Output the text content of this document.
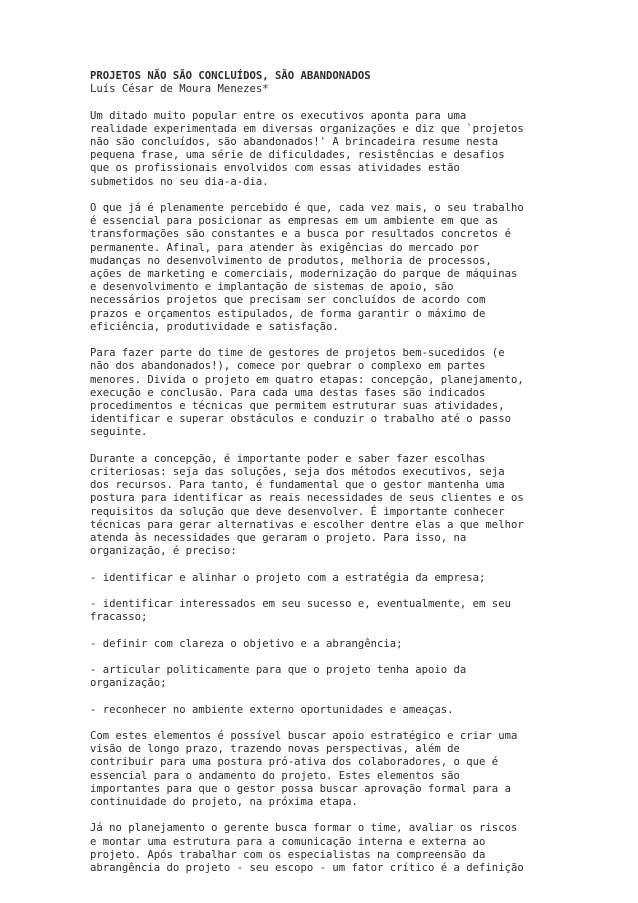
PROJETOS NÃO SÃO CONCLUÍDOS, SÃO ABANDONADOS
Luís César de Moura Menezes*
Um ditado muito popular entre os executivos aponta para uma
realidade experimentada em diversas organizações e diz que `projetos
não são concluídos, são abandonados!' A brincadeira resume nesta
pequena frase, uma série de dificuldades, resistências e desafios
que os profissionais envolvidos com essas atividades estão
submetidos no seu dia-a-dia.
O que já é plenamente percebido é que, cada vez mais, o seu trabalho
é essencial para posicionar as empresas em um ambiente em que as
transformações são constantes e a busca por resultados concretos é
permanente. Afinal, para atender às exigências do mercado por
mudanças no desenvolvimento de produtos, melhoria de processos,
ações de marketing e comerciais, modernização do parque de máquinas
e desenvolvimento e implantação de sistemas de apoio, são
necessários projetos que precisam ser concluídos de acordo com
prazos e orçamentos estipulados, de forma garantir o máximo de
eficiência, produtividade e satisfação.
Para fazer parte do time de gestores de projetos bem-sucedidos (e
não dos abandonados!), comece por quebrar o complexo em partes
menores. Divida o projeto em quatro etapas: concepção, planejamento,
execução e conclusão. Para cada uma destas fases são indicados
procedimentos e técnicas que permitem estruturar suas atividades,
identificar e superar obstáculos e conduzir o trabalho até o passo
seguinte.
Durante a concepção, é importante poder e saber fazer escolhas
criteriosas: seja das soluções, seja dos métodos executivos, seja
dos recursos. Para tanto, é fundamental que o gestor mantenha uma
postura para identificar as reais necessidades de seus clientes e os
requisitos da solução que deve desenvolver. É importante conhecer
técnicas para gerar alternativas e escolher dentre elas a que melhor
atenda às necessidades que geraram o projeto. Para isso, na
organização, é preciso:
- identificar e alinhar o projeto com a estratégia da empresa;
- identificar interessados em seu sucesso e, eventualmente, em seu
fracasso;
- definir com clareza o objetivo e a abrangência;
- articular politicamente para que o projeto tenha apoio da
organização;
- reconhecer no ambiente externo oportunidades e ameaças.
Com estes elementos é possível buscar apoio estratégico e criar uma
visão de longo prazo, trazendo novas perspectivas, além de
contribuir para uma postura pró-ativa dos colaboradores, o que é
essencial para o andamento do projeto. Estes elementos são
importantes para que o gestor possa buscar aprovação formal para a
continuidade do projeto, na próxima etapa.
Já no planejamento o gerente busca formar o time, avaliar os riscos
e montar uma estrutura para a comunicação interna e externa ao
projeto. Após trabalhar com os especialistas na compreensão da
abrangência do projeto - seu escopo - um fator crítico é a definição
